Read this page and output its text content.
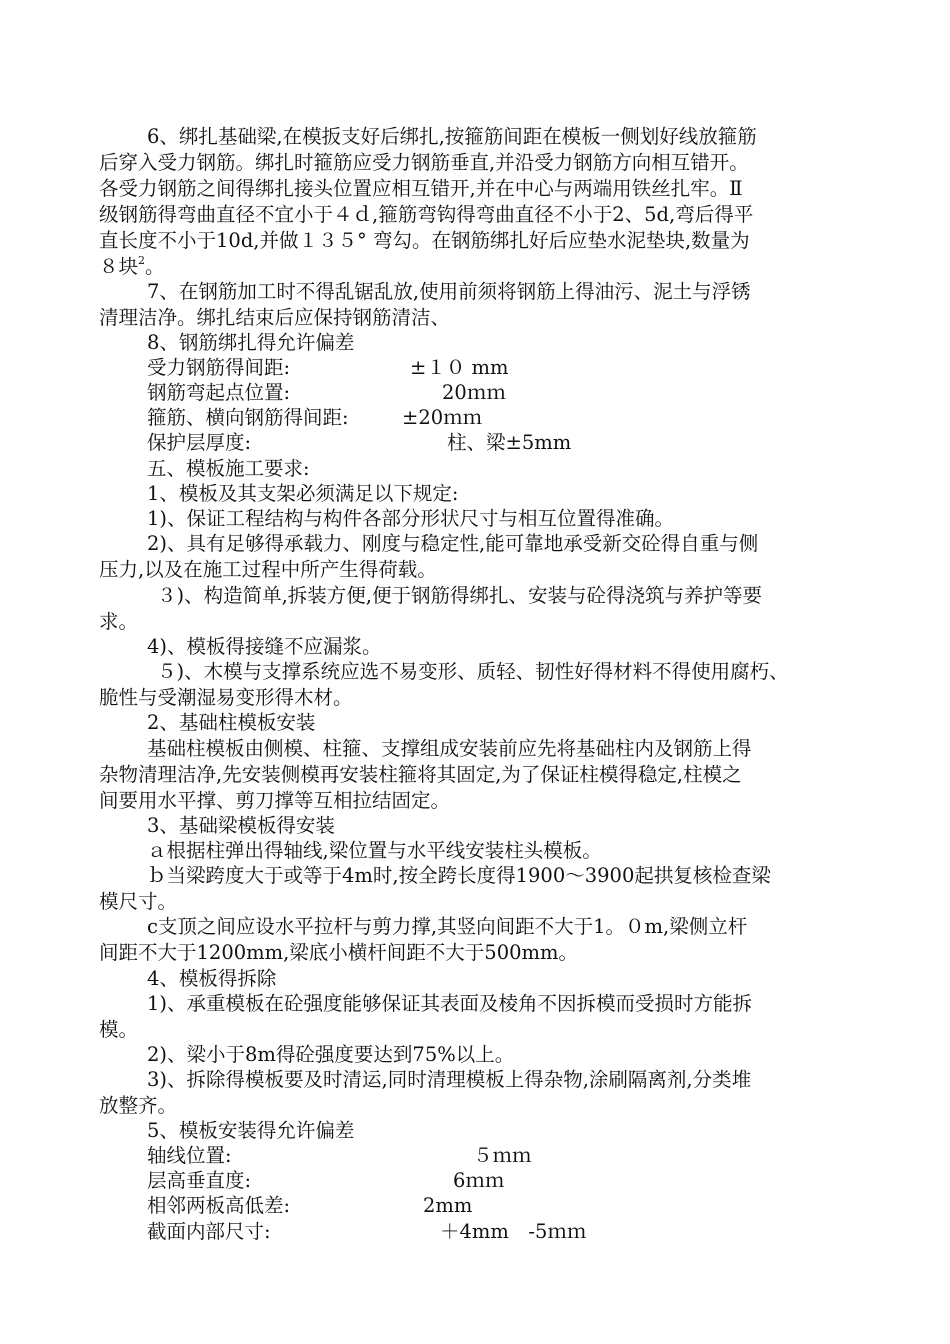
6、绑扎基础梁,在模扳支好后绑扎,按箍筋间距在模板一侧划好线放箍筋
后穿入受力钢筋。绑扎时箍筋应受力钢筋垂直,并沿受力钢筋方向相互错开。
各受力钢筋之间得绑扎接头位置应相互错开,并在中心与两端用铁丝扎牢。Ⅱ
级钢筋得弯曲直径不宜小于４ｄ,箍筋弯钩得弯曲直径不小于2、5d,弯后得平
直长度不小于10d,并做１３５° 弯勾。在钢筋绑扎好后应垫水泥垫块,数量为
８块$^2$。
7、在钢筋加工时不得乱锯乱放,使用前须将钢筋上得油污、泥土与浮锈
清理洁净。绑扎结束后应保持钢筋清洁、
8、钢筋绑扎得允许偏差
受力钢筋得间距:	±１０ mm
钢筋弯起点位置:	20ｍｍ
箍筋、横向钢筋得间距:	±20ｍｍ
保护层厚度:	柱、梁±5mm
五、模板施工要求:
1、模板及其支架必须满足以下规定:
1)、保证工程结构与构件各部分形状尺寸与相互位置得准确。
2)、具有足够得承载力、刚度与稳定性,能可靠地承受新交砼得自重与侧
压力,以及在施工过程中所产生得荷载。
３)、构造简单,拆装方便,便于钢筋得绑扎、安装与砼得浇筑与养护等要
求。
4)、模板得接缝不应漏浆。
５)、木模与支撑系统应选不易变形、质轻、韧性好得材料不得使用腐朽、
脆性与受潮湿易变形得木材。
2、基础柱模板安装
基础柱模板由侧模、柱箍、支撑组成安装前应先将基础柱内及钢筋上得
杂物清理洁净,先安装侧模再安装柱箍将其固定,为了保证柱模得稳定,柱模之
间要用水平撑、剪刀撑等互相拉结固定。
3、基础梁模板得安装
ａ根据柱弹出得轴线,梁位置与水平线安装柱头模板。
ｂ当梁跨度大于或等于4m时,按全跨长度得1900～3900起拱复核检查梁
模尺寸。
c支顶之间应设水平拉杆与剪力撑,其竖向间距不大于1。０m,梁侧立杆
间距不大于1200mm,梁底小横杆间距不大于500mm。
4、模板得拆除
1)、承重模板在砼强度能够保证其表面及棱角不因拆模而受损时方能拆
模。
2)、梁小于8m得砼强度要达到75%以上。
3)、拆除得模板要及时清运,同时清理模板上得杂物,涂刷隔离剂,分类堆
放整齐。
5、模板安装得允许偏差
轴线位置:	５ｍｍ
层高垂直度:	6ｍｍ
相邻两板高低差:	2mm
截面内部尺寸:	＋4mm　-5ｍｍ
